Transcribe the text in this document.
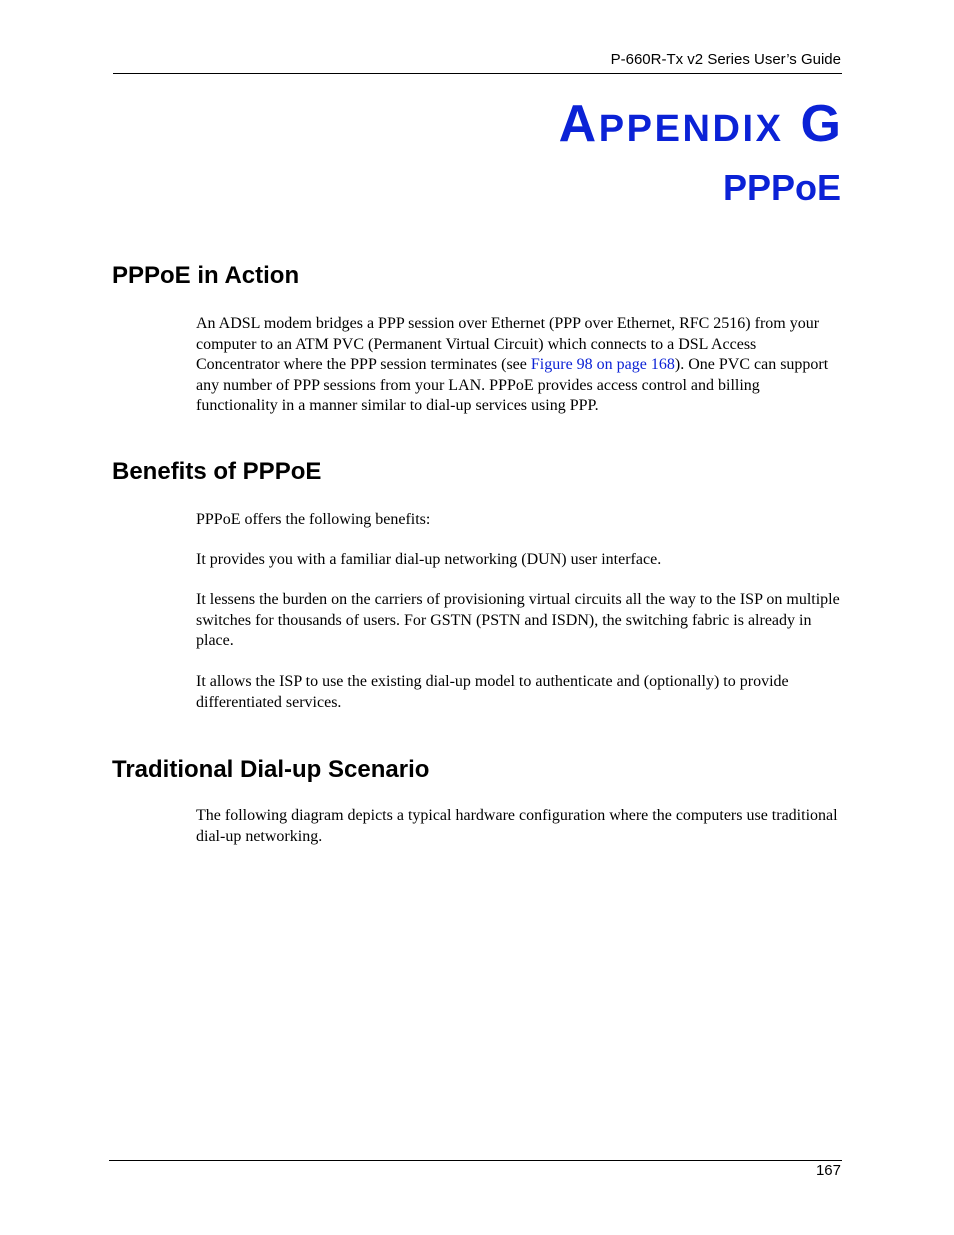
P-660R-Tx v2 Series User’s Guide
APPENDIX G
PPPoE
PPPoE in Action

An ADSL modem bridges a PPP session over Ethernet (PPP over Ethernet, RFC 2516) from your computer to an ATM PVC (Permanent Virtual Circuit) which connects to a DSL Access Concentrator where the PPP session terminates (see Figure 98 on page 168). One PVC can support any number of PPP sessions from your LAN. PPPoE provides access control and billing functionality in a manner similar to dial-up services using PPP.

Benefits of PPPoE

PPPoE offers the following benefits:

It provides you with a familiar dial-up networking (DUN) user interface.

It lessens the burden on the carriers of provisioning virtual circuits all the way to the ISP on multiple switches for thousands of users. For GSTN (PSTN and ISDN), the switching fabric is already in place.

It allows the ISP to use the existing dial-up model to authenticate and (optionally) to provide differentiated services.

Traditional Dial-up Scenario

The following diagram depicts a typical hardware configuration where the computers use traditional dial-up networking.

167
